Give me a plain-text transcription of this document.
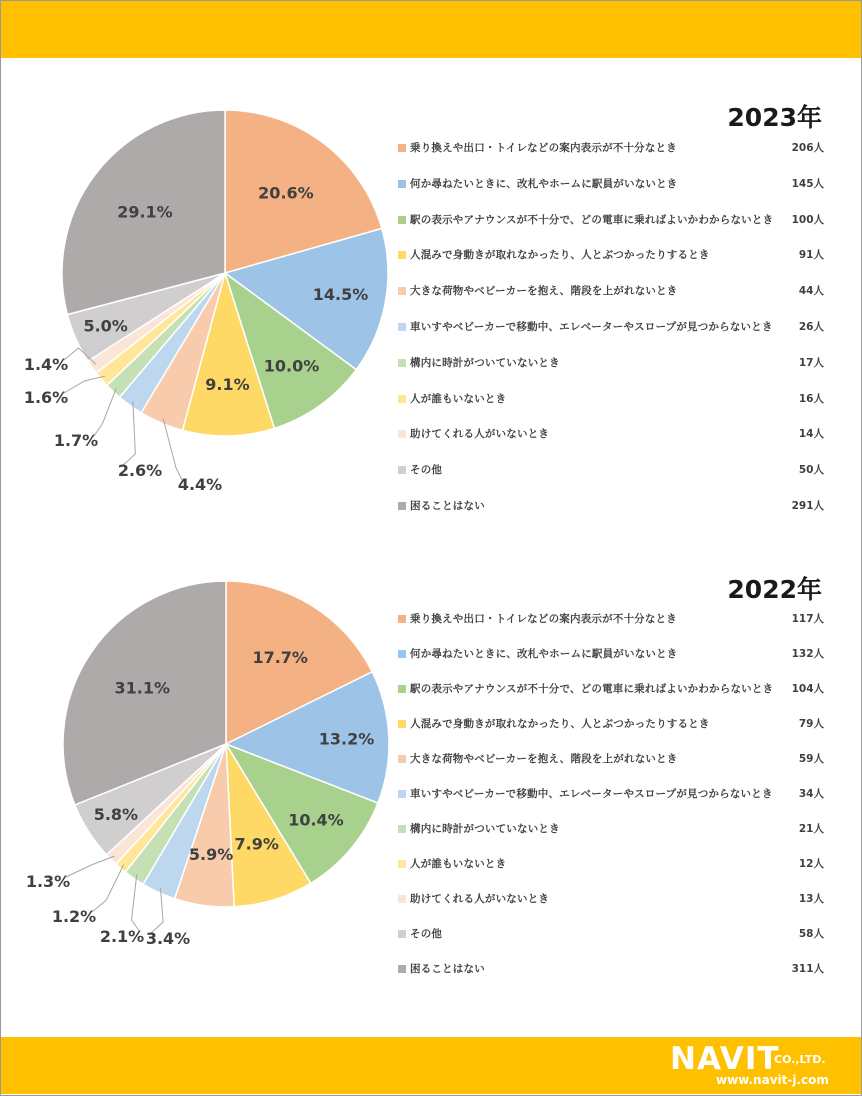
20.6%
14.5%
10.0%
9.1%
5.0%
29.1%
4.4%
2.6%
1.7%
1.6%
1.4%
2023年
乗り換えや出口・トイレなどの案内表示が不十分なとき	206人
何か尋ねたいときに、改札やホームに駅員がいないとき	145人
駅の表示やアナウンスが不十分で、どの電車に乗ればよいかわからないとき 100人
人混みで身動きが取れなかったり、人とぶつかったりするとき	91人
大きな荷物やベビーカーを抱え、階段を上がれないとき	44人
車いすやベビーカーで移動中、エレベーターやスロープが見つからないとき 26人
構内に時計がついていないとき	17人
人が誰もいないとき	16人
助けてくれる人がいないとき	14人
その他	50人
困ることはない	291人
17.7%
13.2%
10.4%
7.9%
5.9%
5.8%
31.1%
3.4%
2.1%
1.2%
1.3%
2022年
乗り換えや出口・トイレなどの案内表示が不十分なとき	117人
何か尋ねたいときに、改札やホームに駅員がいないとき	132人
駅の表示やアナウンスが不十分で、どの電車に乗ればよいかわからないとき 104人
人混みで身動きが取れなかったり、人とぶつかったりするとき	79人
大きな荷物やベビーカーを抱え、階段を上がれないとき	59人
車いすやベビーカーで移動中、エレベーターやスロープが見つからないとき 34人
構内に時計がついていないとき	21人
人が誰もいないとき	12人
助けてくれる人がいないとき	13人
その他	58人
困ることはない	311人
NAVIT
CO.,LTD.
www.navit-j.com
